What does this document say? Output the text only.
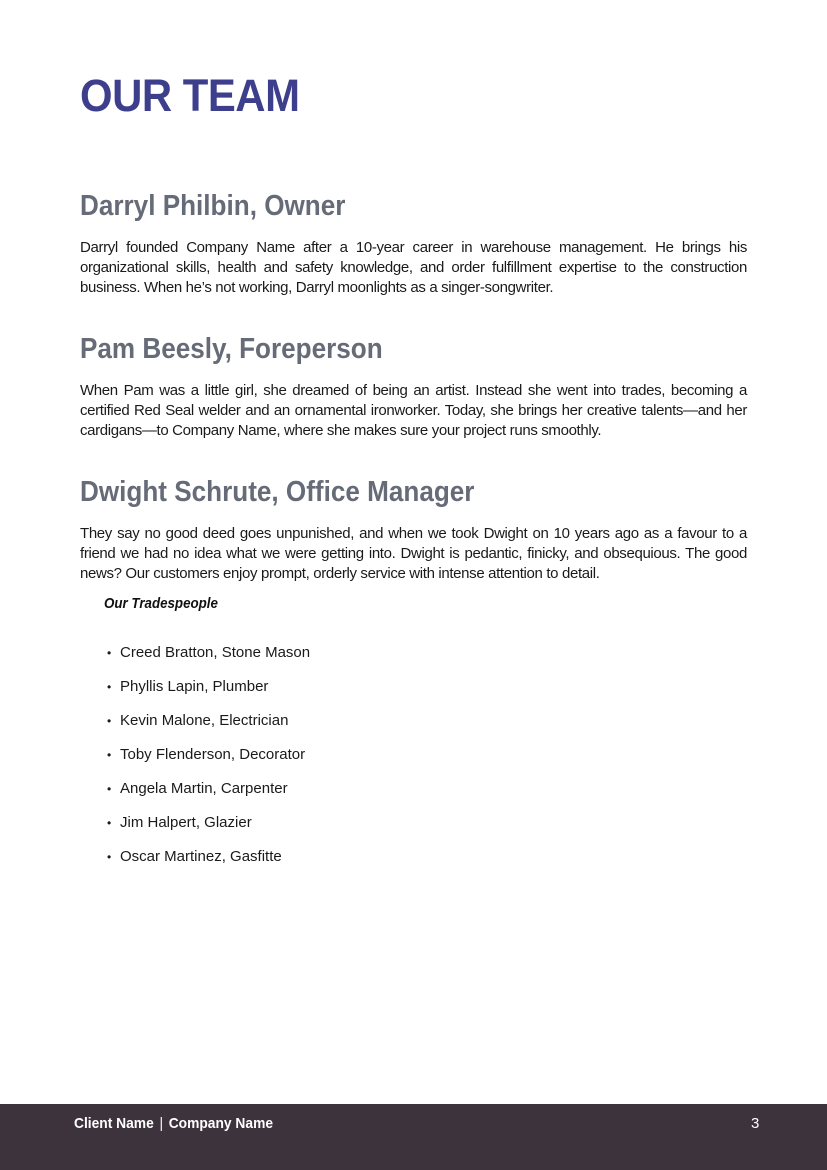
OUR TEAM
Darryl Philbin, Owner

Darryl founded Company Name after a 10-year career in warehouse management. He brings his organizational skills, health and safety knowledge, and order fulfillment expertise to the construction business. When he’s not working, Darryl moonlights as a singer-songwriter.

Pam Beesly, Foreperson

When Pam was a little girl, she dreamed of being an artist. Instead she went into trades, becoming a certified Red Seal welder and an ornamental ironworker. Today, she brings her creative talents—and her cardigans—to Company Name, where she makes sure your project runs smoothly.

Dwight Schrute, Office Manager

They say no good deed goes unpunished, and when we took Dwight on 10 years ago as a favour to a friend we had no idea what we were getting into. Dwight is pedantic, finicky, and obsequious. The good news? Our customers enjoy prompt, orderly service with intense attention to detail.

Our Tradespeople
• Creed Bratton, Stone Mason
• Phyllis Lapin, Plumber
• Kevin Malone, Electrician
• Toby Flenderson, Decorator
• Angela Martin, Carpenter
• Jim Halpert, Glazier
• Oscar Martinez, Gasfitte
Client Name | Company Name	3
